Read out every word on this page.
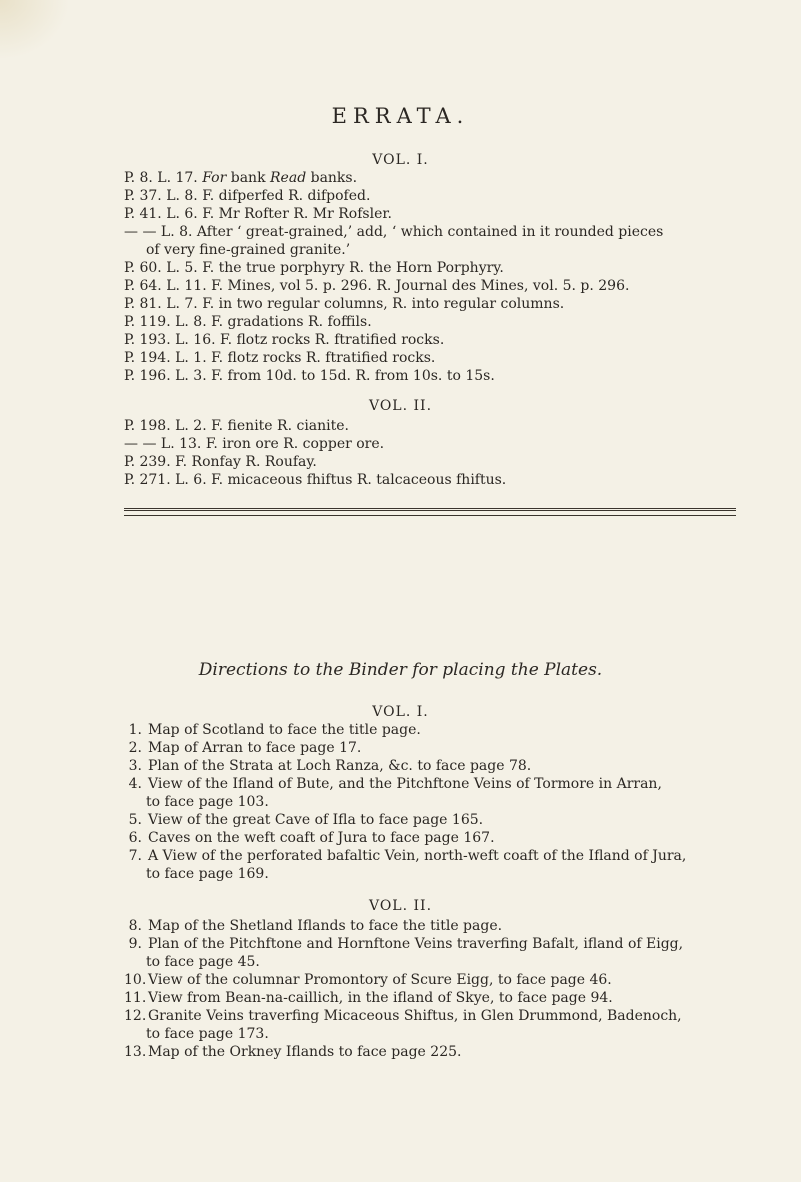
ERRATA.
VOL. I.
P. 8. L. 17. For bank Read banks.
P. 37. L. 8. F. difperfed R. difpofed.
P. 41. L. 6. F. Mr Rofter R. Mr Rofsler.
— — L. 8. After ‘ great-grained,’ add, ‘ which contained in it rounded pieces
of very fine-grained granite.’
P. 60. L. 5. F. the true porphyry R. the Horn Porphyry.
P. 64. L. 11. F. Mines, vol 5. p. 296. R. Journal des Mines, vol. 5. p. 296.
P. 81. L. 7. F. in two regular columns, R. into regular columns.
P. 119. L. 8. F. gradations R. foffils.
P. 193. L. 16. F. flotz rocks R. ftratified rocks.
P. 194. L. 1. F. flotz rocks R. ftratified rocks.
P. 196. L. 3. F. from 10d. to 15d. R. from 10s. to 15s.
VOL. II.
P. 198. L. 2. F. fienite R. cianite.
— — L. 13. F. iron ore R. copper ore.
P. 239. F. Ronfay R. Roufay.
P. 271. L. 6. F. micaceous fhiftus R. talcaceous fhiftus.
Directions to the Binder for placing the Plates.
VOL. I.
1. Map of Scotland to face the title page.
2. Map of Arran to face page 17.
3. Plan of the Strata at Loch Ranza, &c. to face page 78.
4. View of the Ifland of Bute, and the Pitchftone Veins of Tormore in Arran,
to face page 103.
5. View of the great Cave of Ifla to face page 165.
6. Caves on the weft coaft of Jura to face page 167.
7. A View of the perforated bafaltic Vein, north-weft coaft of the Ifland of Jura,
to face page 169.
VOL. II.
8. Map of the Shetland Iflands to face the title page.
9. Plan of the Pitchftone and Hornftone Veins traverfing Bafalt, ifland of Eigg,
to face page 45.
10. View of the columnar Promontory of Scure Eigg, to face page 46.
11. View from Bean-na-caillich, in the ifland of Skye, to face page 94.
12. Granite Veins traverfing Micaceous Shiftus, in Glen Drummond, Badenoch,
to face page 173.
13. Map of the Orkney Iflands to face page 225.
